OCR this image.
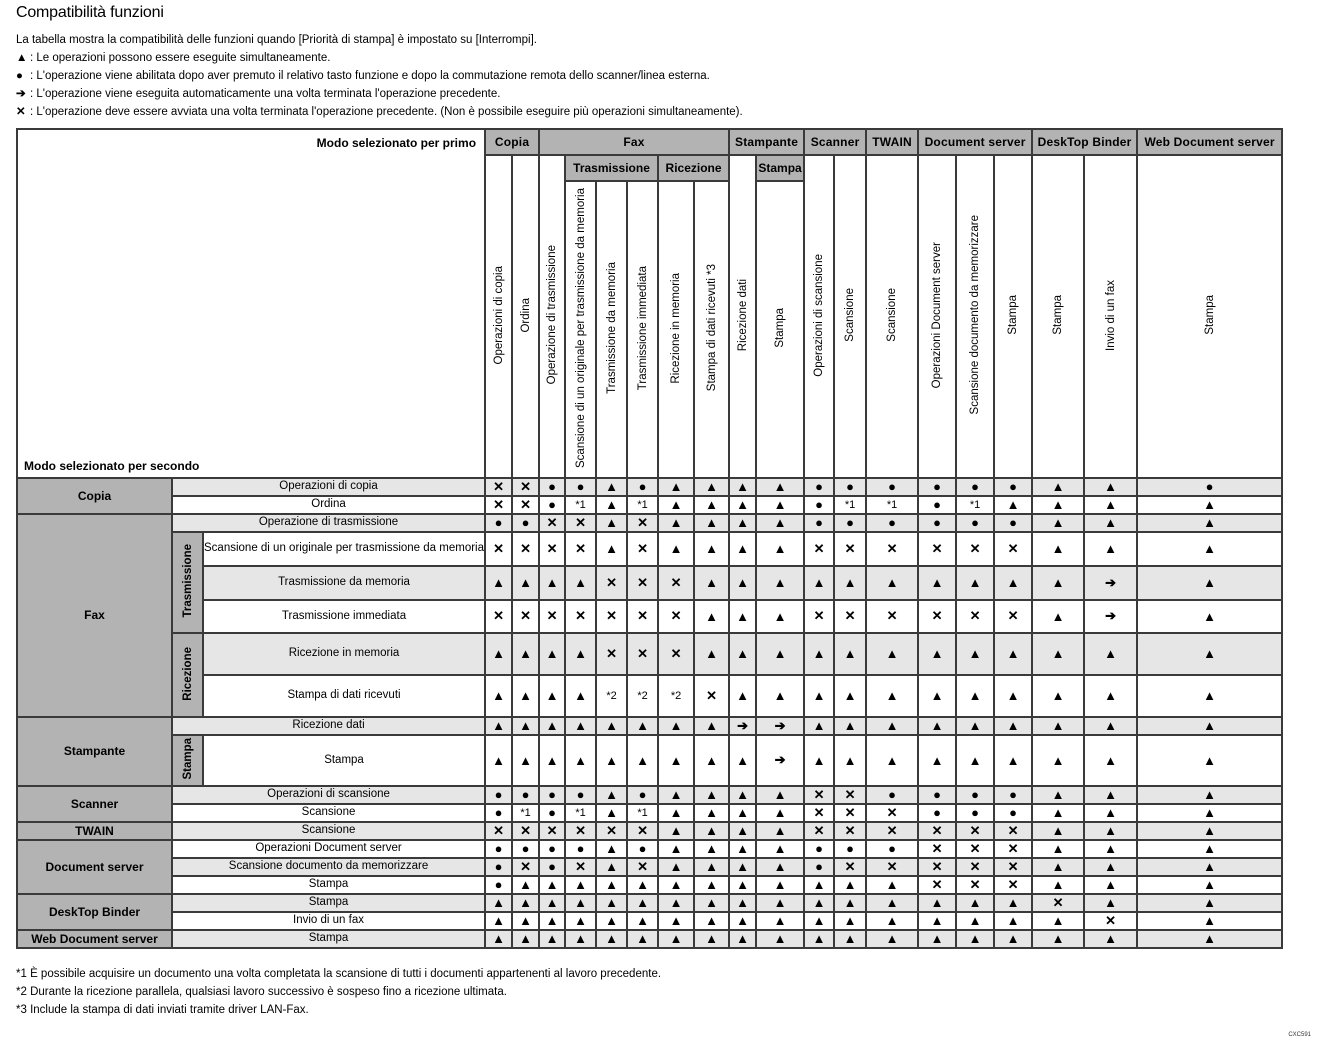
Compatibilità funzioni
La tabella mostra la compatibilità delle funzioni quando [Priorità di stampa] è impostato su [Interrompi].
▲ : Le operazioni possono essere eseguite simultaneamente.
● : L'operazione viene abilitata dopo aver premuto il relativo tasto funzione e dopo la commutazione remota dello scanner/linea esterna.
➔ : L'operazione viene eseguita automaticamente una volta terminata l'operazione precedente.
✕ : L'operazione deve essere avviata una volta terminata l'operazione precedente. (Non è possibile eseguire più operazioni simultaneamente).
Modo selezionato per primo
Modo selezionato per secondo			Copia		Fax						Stampante		Scanner		TWAIN	Document server			DeskTop Binder		Web Document server
			Operazioni di copia	Ordina	Operazione di trasmissione	Trasmissione			Ricezione		Ricezione dati	Stampa	Operazioni di scansione	Scansione	Scansione	Operazioni Document server	Scansione documento da memorizzare	Stampa	Stampa	Invio di un fax	Stampa
						Scansione di un originale per trasmissione da memoria	Trasmissione da memoria	Trasmissione immediata	Ricezione in memoria	Stampa di dati ricevuti *3		Stampa									
Copia	Operazioni di copia		✕	✕	●	●	▲	●	▲	▲	▲	▲	●	●	●	●	●	●	▲	▲	●
	Ordina		✕	✕	●	*1	▲	*1	▲	▲	▲	▲	●	*1	*1	●	*1	▲	▲	▲	▲
Fax	Operazione di trasmissione		●	●	✕	✕	▲	✕	▲	▲	▲	▲	●	●	●	●	●	●	▲	▲	▲
	Trasmissione	Scansione di un originale per trasmissione da memoria	✕	✕	✕	✕	▲	✕	▲	▲	▲	▲	✕	✕	✕	✕	✕	✕	▲	▲	▲
		Trasmissione da memoria	▲	▲	▲	▲	✕	✕	✕	▲	▲	▲	▲	▲	▲	▲	▲	▲	▲	➔	▲
		Trasmissione immediata	✕	✕	✕	✕	✕	✕	✕	▲	▲	▲	✕	✕	✕	✕	✕	✕	▲	➔	▲
	Ricezione	Ricezione in memoria	▲	▲	▲	▲	✕	✕	✕	▲	▲	▲	▲	▲	▲	▲	▲	▲	▲	▲	▲
		Stampa di dati ricevuti	▲	▲	▲	▲	*2	*2	*2	✕	▲	▲	▲	▲	▲	▲	▲	▲	▲	▲	▲
Stampante	Ricezione dati		▲	▲	▲	▲	▲	▲	▲	▲	➔	➔	▲	▲	▲	▲	▲	▲	▲	▲	▲
	Stampa	Stampa	▲	▲	▲	▲	▲	▲	▲	▲	▲	➔	▲	▲	▲	▲	▲	▲	▲	▲	▲
Scanner	Operazioni di scansione		●	●	●	●	▲	●	▲	▲	▲	▲	✕	✕	●	●	●	●	▲	▲	▲
	Scansione		●	*1	●	*1	▲	*1	▲	▲	▲	▲	✕	✕	✕	●	●	●	▲	▲	▲
TWAIN	Scansione		✕	✕	✕	✕	✕	✕	▲	▲	▲	▲	✕	✕	✕	✕	✕	✕	▲	▲	▲
Document server	Operazioni Document server		●	●	●	●	▲	●	▲	▲	▲	▲	●	●	●	✕	✕	✕	▲	▲	▲
	Scansione documento da memorizzare		●	✕	●	✕	▲	✕	▲	▲	▲	▲	●	✕	✕	✕	✕	✕	▲	▲	▲
	Stampa		●	▲	▲	▲	▲	▲	▲	▲	▲	▲	▲	▲	▲	✕	✕	✕	▲	▲	▲
DeskTop Binder	Stampa		▲	▲	▲	▲	▲	▲	▲	▲	▲	▲	▲	▲	▲	▲	▲	▲	✕	▲	▲
	Invio di un fax		▲	▲	▲	▲	▲	▲	▲	▲	▲	▲	▲	▲	▲	▲	▲	▲	▲	✕	▲
Web Document server	Stampa		▲	▲	▲	▲	▲	▲	▲	▲	▲	▲	▲	▲	▲	▲	▲	▲	▲	▲	▲
*1 È possibile acquisire un documento una volta completata la scansione di tutti i documenti appartenenti al lavoro precedente.
*2 Durante la ricezione parallela, qualsiasi lavoro successivo è sospeso fino a ricezione ultimata.
*3 Include la stampa di dati inviati tramite driver LAN-Fax.
CXC591
